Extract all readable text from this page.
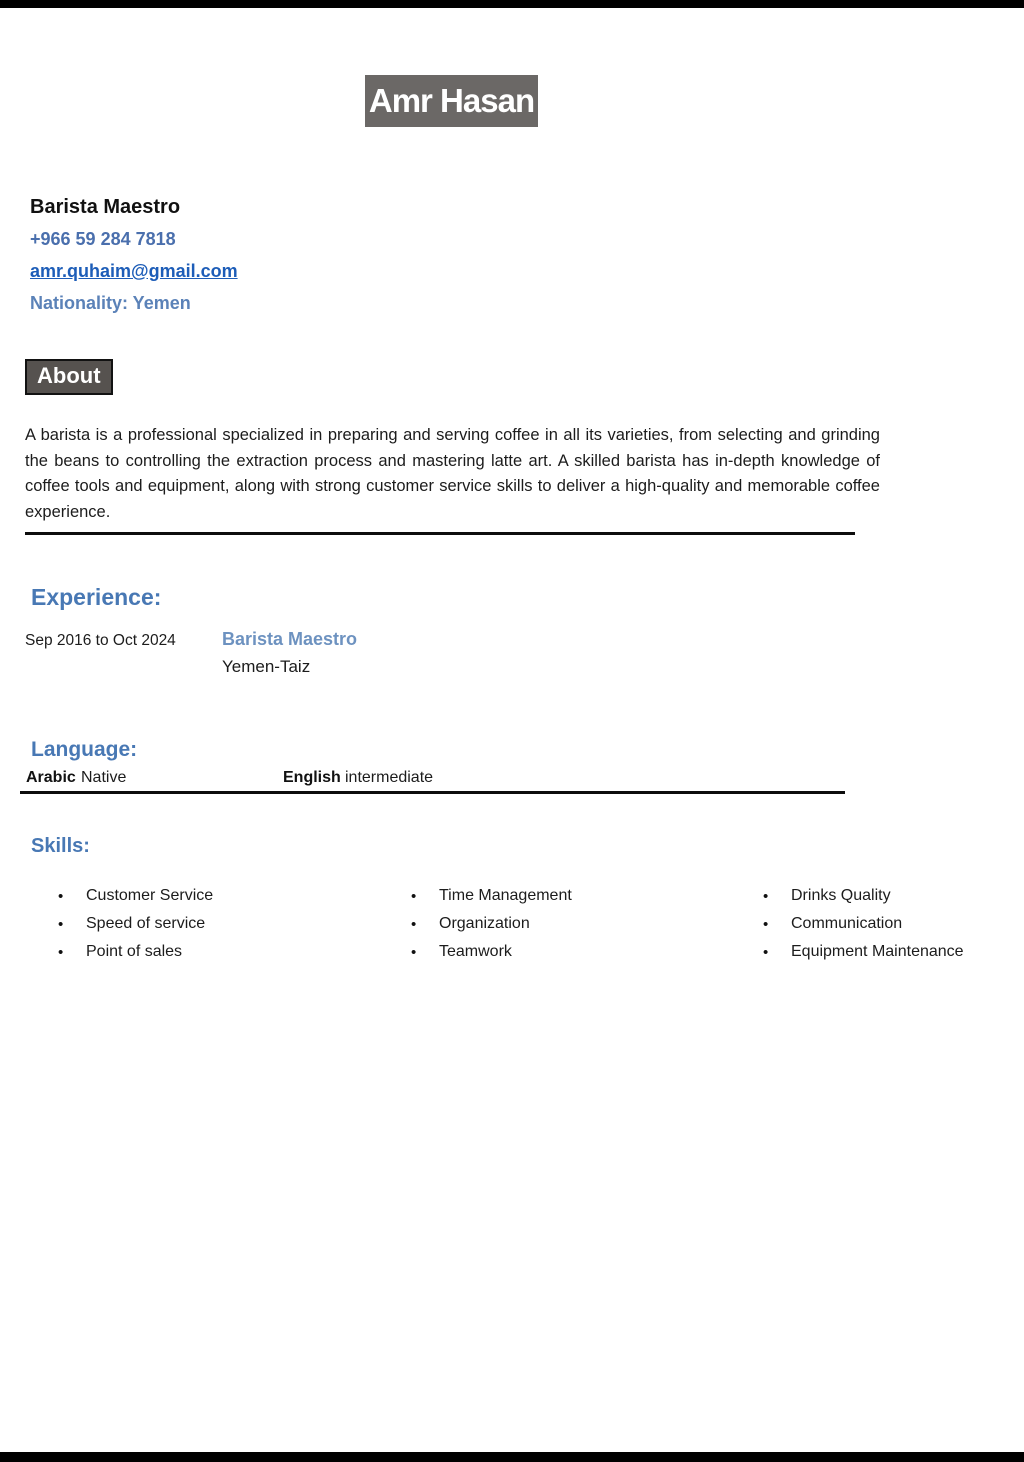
Amr Hasan
Barista Maestro
+966 59 284 7818
amr.quhaim@gmail.com
Nationality: Yemen
About
A barista is a professional specialized in preparing and serving coffee in all its varieties, from selecting and grinding the beans to controlling the extraction process and mastering latte art. A skilled barista has in-depth knowledge of coffee tools and equipment, along with strong customer service skills to deliver a high-quality and memorable coffee experience.
Experience:
Sep 2016 to Oct 2024	Barista Maestro
Yemen-Taiz
Language:
Arabic Native	English intermediate
Skills:
•	Customer Service
•	Speed of service
•	Point of sales
•	Time Management
•	Organization
•	Teamwork
•	Drinks Quality
•	Communication
•	Equipment Maintenance
